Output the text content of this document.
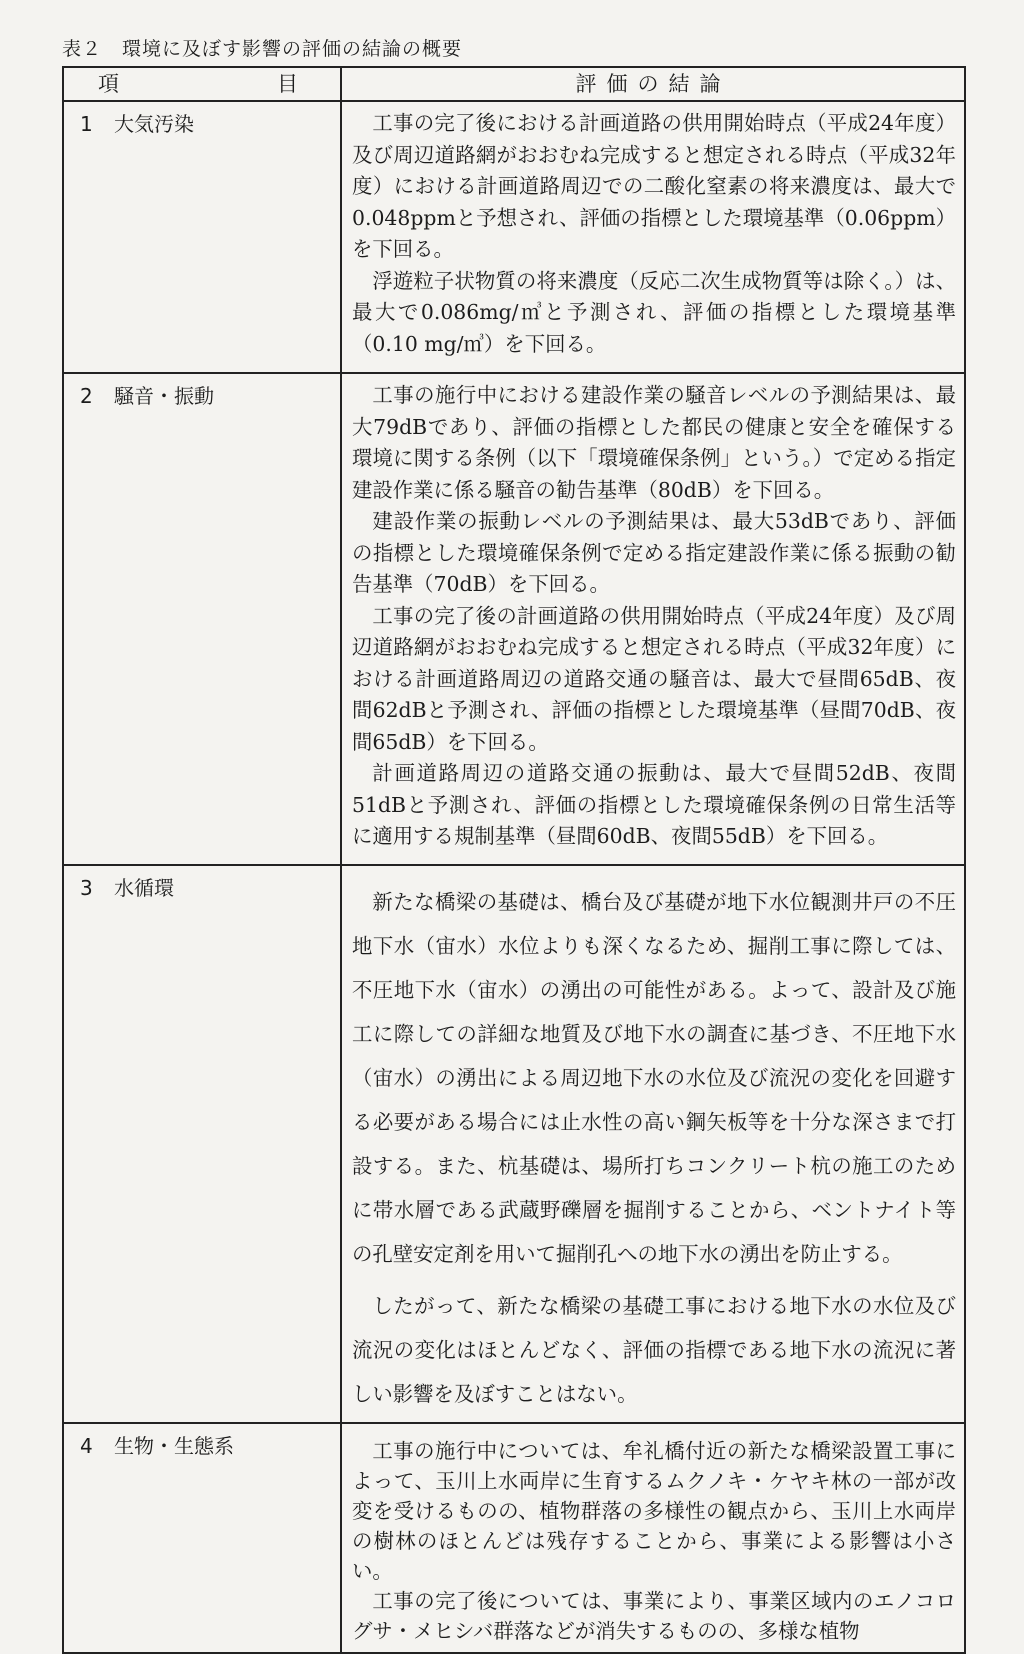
表２　環境に及ぼす影響の評価の結論の概要
項 目	評価の結論

1 大気汚染	工事の完了後における計画道路の供用開始時点（平成24年度）及び周辺道路網がおおむね完成すると想定される時点（平成32年度）における計画道路周辺での二酸化窒素の将来濃度は、最大で0.048ppmと予想され、評価の指標とした環境基準（0.06ppm）を下回る。

浮遊粒子状物質の将来濃度（反応二次生成物質等は除く。）は、最大で0.086mg/㎥と予測され、評価の指標とした環境基準（0.10 mg/㎥）を下回る。

2 騒音・振動	工事の施行中における建設作業の騒音レベルの予測結果は、最大79dBであり、評価の指標とした都民の健康と安全を確保する環境に関する条例（以下「環境確保条例」という。）で定める指定建設作業に係る騒音の勧告基準（80dB）を下回る。

建設作業の振動レベルの予測結果は、最大53dBであり、評価の指標とした環境確保条例で定める指定建設作業に係る振動の勧告基準（70dB）を下回る。

工事の完了後の計画道路の供用開始時点（平成24年度）及び周辺道路網がおおむね完成すると想定される時点（平成32年度）における計画道路周辺の道路交通の騒音は、最大で昼間65dB、夜間62dBと予測され、評価の指標とした環境基準（昼間70dB、夜間65dB）を下回る。

計画道路周辺の道路交通の振動は、最大で昼間52dB、夜間51dBと予測され、評価の指標とした環境確保条例の日常生活等に適用する規制基準（昼間60dB、夜間55dB）を下回る。

3 水循環	新たな橋梁の基礎は、橋台及び基礎が地下水位観測井戸の不圧地下水（宙水）水位よりも深くなるため、掘削工事に際しては、不圧地下水（宙水）の湧出の可能性がある。よって、設計及び施工に際しての詳細な地質及び地下水の調査に基づき、不圧地下水（宙水）の湧出による周辺地下水の水位及び流況の変化を回避する必要がある場合には止水性の高い鋼矢板等を十分な深さまで打設する。また、杭基礎は、場所打ちコンクリート杭の施工のために帯水層である武蔵野礫層を掘削することから、ベントナイト等の孔壁安定剤を用いて掘削孔への地下水の湧出を防止する。

したがって、新たな橋梁の基礎工事における地下水の水位及び流況の変化はほとんどなく、評価の指標である地下水の流況に著しい影響を及ぼすことはない。

4 生物・生態系	工事の施行中については、牟礼橋付近の新たな橋梁設置工事によって、玉川上水両岸に生育するムクノキ・ケヤキ林の一部が改変を受けるものの、植物群落の多様性の観点から、玉川上水両岸の樹林のほとんどは残存することから、事業による影響は小さい。

工事の完了後については、事業により、事業区域内のエノコログサ・メヒシバ群落などが消失するものの、多様な植物
